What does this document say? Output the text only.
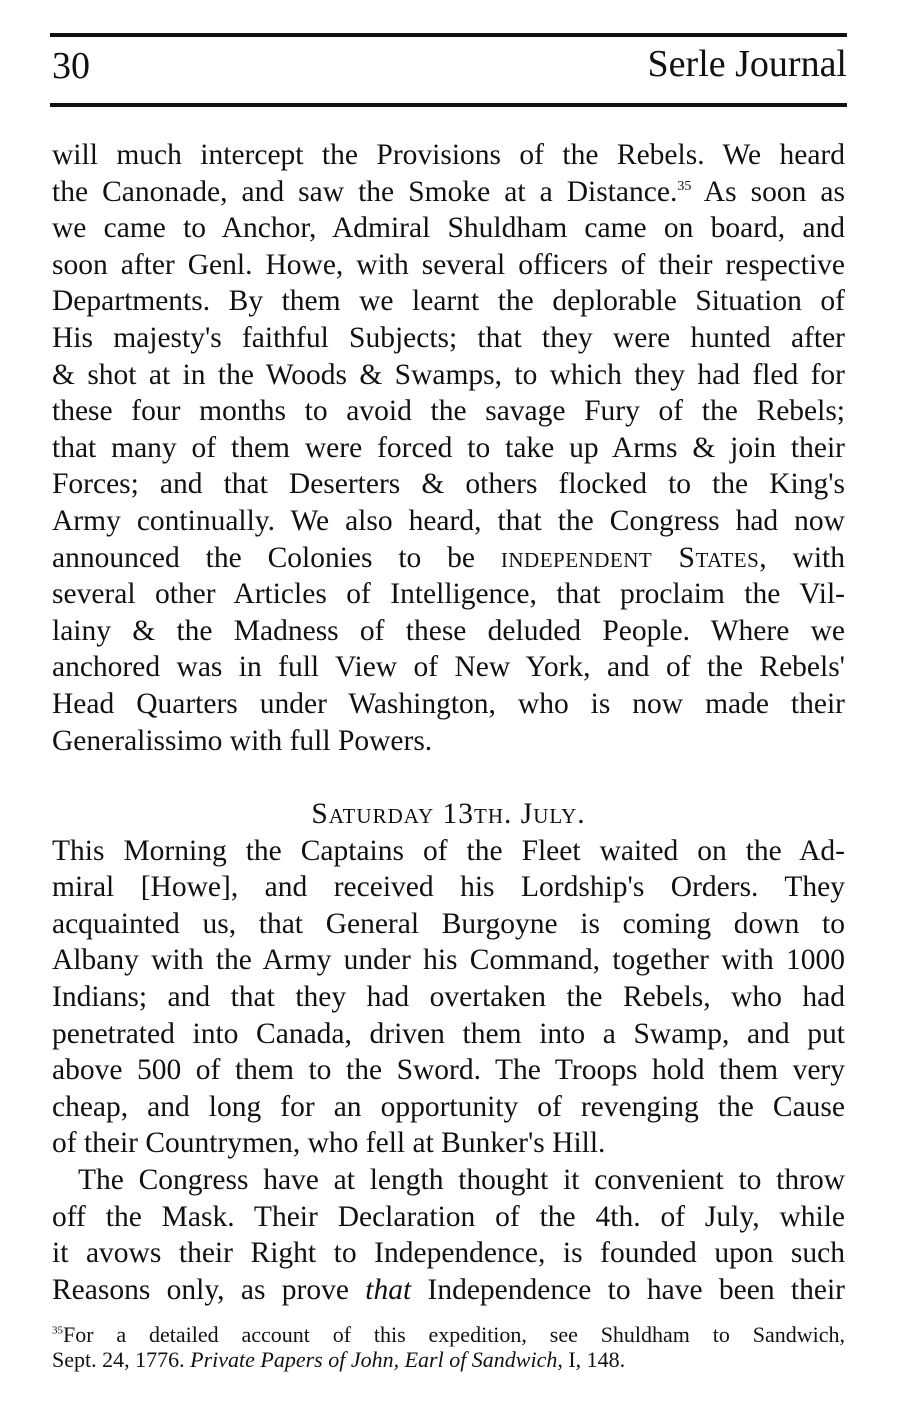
30	Serle Journal
will much intercept the Provisions of the Rebels. We heard
the Canonade, and saw the Smoke at a Distance.$^{35}$ As soon as
we came to Anchor, Admiral Shuldham came on board, and
soon after Genl. Howe, with several officers of their respective
Departments. By them we learnt the deplorable Situation of
His majesty's faithful Subjects; that they were hunted after
& shot at in the Woods & Swamps, to which they had fled for
these four months to avoid the savage Fury of the Rebels;
that many of them were forced to take up Arms & join their
Forces; and that Deserters & others flocked to the King's
Army continually. We also heard, that the Congress had now
announced the Colonies to be independent States, with
several other Articles of Intelligence, that proclaim the Vil-
lainy & the Madness of these deluded People. Where we
anchored was in full View of New York, and of the Rebels'
Head Quarters under Washington, who is now made their
Generalissimo with full Powers.
Saturday 13th. July.
This Morning the Captains of the Fleet waited on the Ad-
miral [Howe], and received his Lordship's Orders. They
acquainted us, that General Burgoyne is coming down to
Albany with the Army under his Command, together with 1000
Indians; and that they had overtaken the Rebels, who had
penetrated into Canada, driven them into a Swamp, and put
above 500 of them to the Sword. The Troops hold them very
cheap, and long for an opportunity of revenging the Cause
of their Countrymen, who fell at Bunker's Hill.
The Congress have at length thought it convenient to throw
off the Mask. Their Declaration of the 4th. of July, while
it avows their Right to Independence, is founded upon such
Reasons only, as prove that Independence to have been their
$^{35}$For a detailed account of this expedition, see Shuldham to Sandwich,
Sept. 24, 1776. Private Papers of John, Earl of Sandwich, I, 148.
